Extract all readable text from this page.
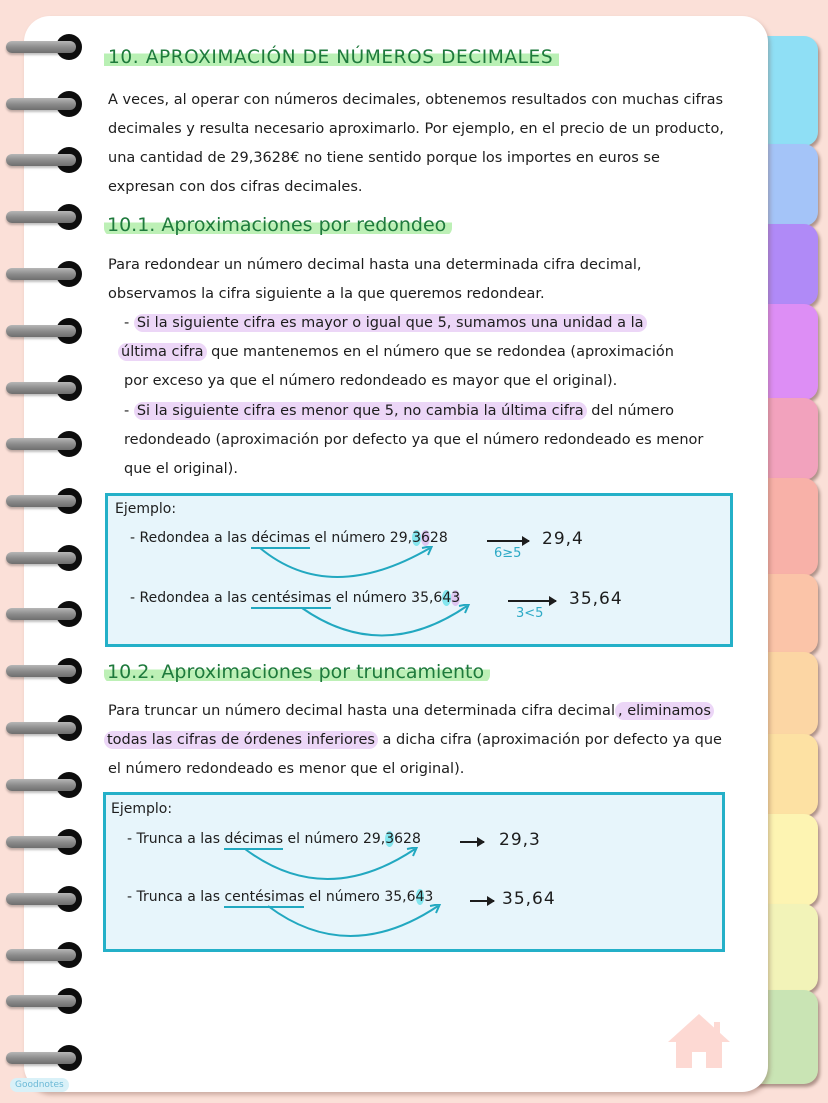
10. APROXIMACIÓN DE NÚMEROS DECIMALES
A veces, al operar con números decimales, obtenemos resultados con muchas cifras
decimales y resulta necesario aproximarlo. Por ejemplo, en el precio de un producto,
una cantidad de 29,3628€ no tiene sentido porque los importes en euros se
expresan con dos cifras decimales.
10.1. Aproximaciones por redondeo
Para redondear un número decimal hasta una determinada cifra decimal,
observamos la cifra siguiente a la que queremos redondear.
- Si la siguiente cifra es mayor o igual que 5, sumamos una unidad a la
última cifra que mantenemos en el número que se redondea (aproximación
por exceso ya que el número redondeado es mayor que el original).
- Si la siguiente cifra es menor que 5, no cambia la última cifra del número
redondeado (aproximación por defecto ya que el número redondeado es menor
que el original).
Ejemplo:
- Redondea a las décimas el número 29,3628
6≥5
29,4
- Redondea a las centésimas el número 35,643
3<5
35,64
10.2. Aproximaciones por truncamiento
Para truncar un número decimal hasta una determinada cifra decimal , eliminamos
todas las cifras de órdenes inferiores a dicha cifra (aproximación por defecto ya que
el número redondeado es menor que el original).
Ejemplo:
- Trunca a las décimas el número 29,3628	29,3
- Trunca a las centésimas el número 35,643	35,64
Goodnotes
